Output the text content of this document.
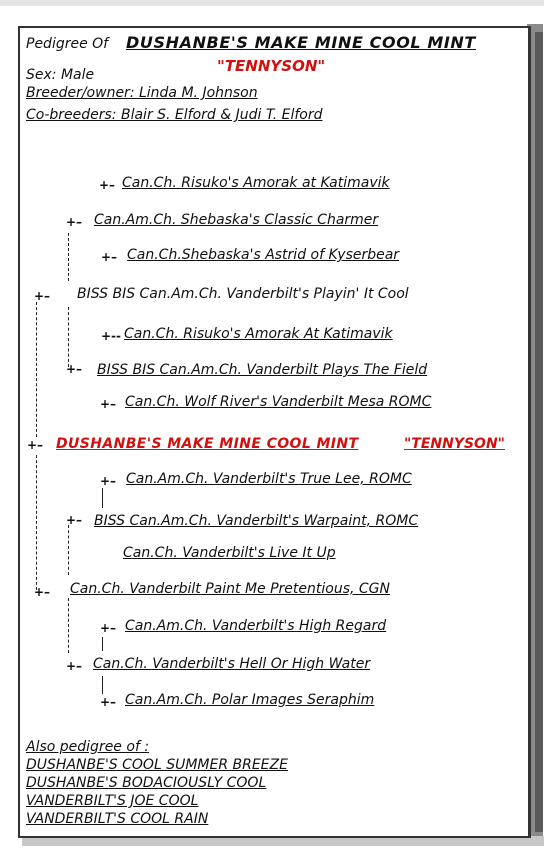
Pedigree Of DUSHANBE'S MAKE MINE COOL MINT
"TENNYSON"
Sex: Male
Breeder/owner: Linda M. Johnson
Co-breeders: Blair S. Elford & Judi T. Elford
+– Can.Ch. Risuko's Amorak at Katimavik
+– Can.Am.Ch. Shebaska's Classic Charmer
+– Can.Ch.Shebaska's Astrid of Kyserbear
+– BISS BIS Can.Am.Ch. Vanderbilt's Playin' It Cool
+-- Can.Ch. Risuko's Amorak At Katimavik
+– BISS BIS Can.Am.Ch. Vanderbilt Plays The Field
+– Can.Ch. Wolf River's Vanderbilt Mesa ROMC
+– DUSHANBE'S MAKE MINE COOL MINT	"TENNYSON"
+– Can.Am.Ch. Vanderbilt's True Lee, ROMC
+– BISS Can.Am.Ch. Vanderbilt's Warpaint, ROMC
Can.Ch. Vanderbilt's Live It Up
+– Can.Ch. Vanderbilt Paint Me Pretentious, CGN
+– Can.Am.Ch. Vanderbilt's High Regard
+– Can.Ch. Vanderbilt's Hell Or High Water
+– Can.Am.Ch. Polar Images Seraphim
Also pedigree of :
DUSHANBE'S COOL SUMMER BREEZE
DUSHANBE'S BODACIOUSLY COOL
VANDERBILT'S JOE COOL
VANDERBILT'S COOL RAIN
